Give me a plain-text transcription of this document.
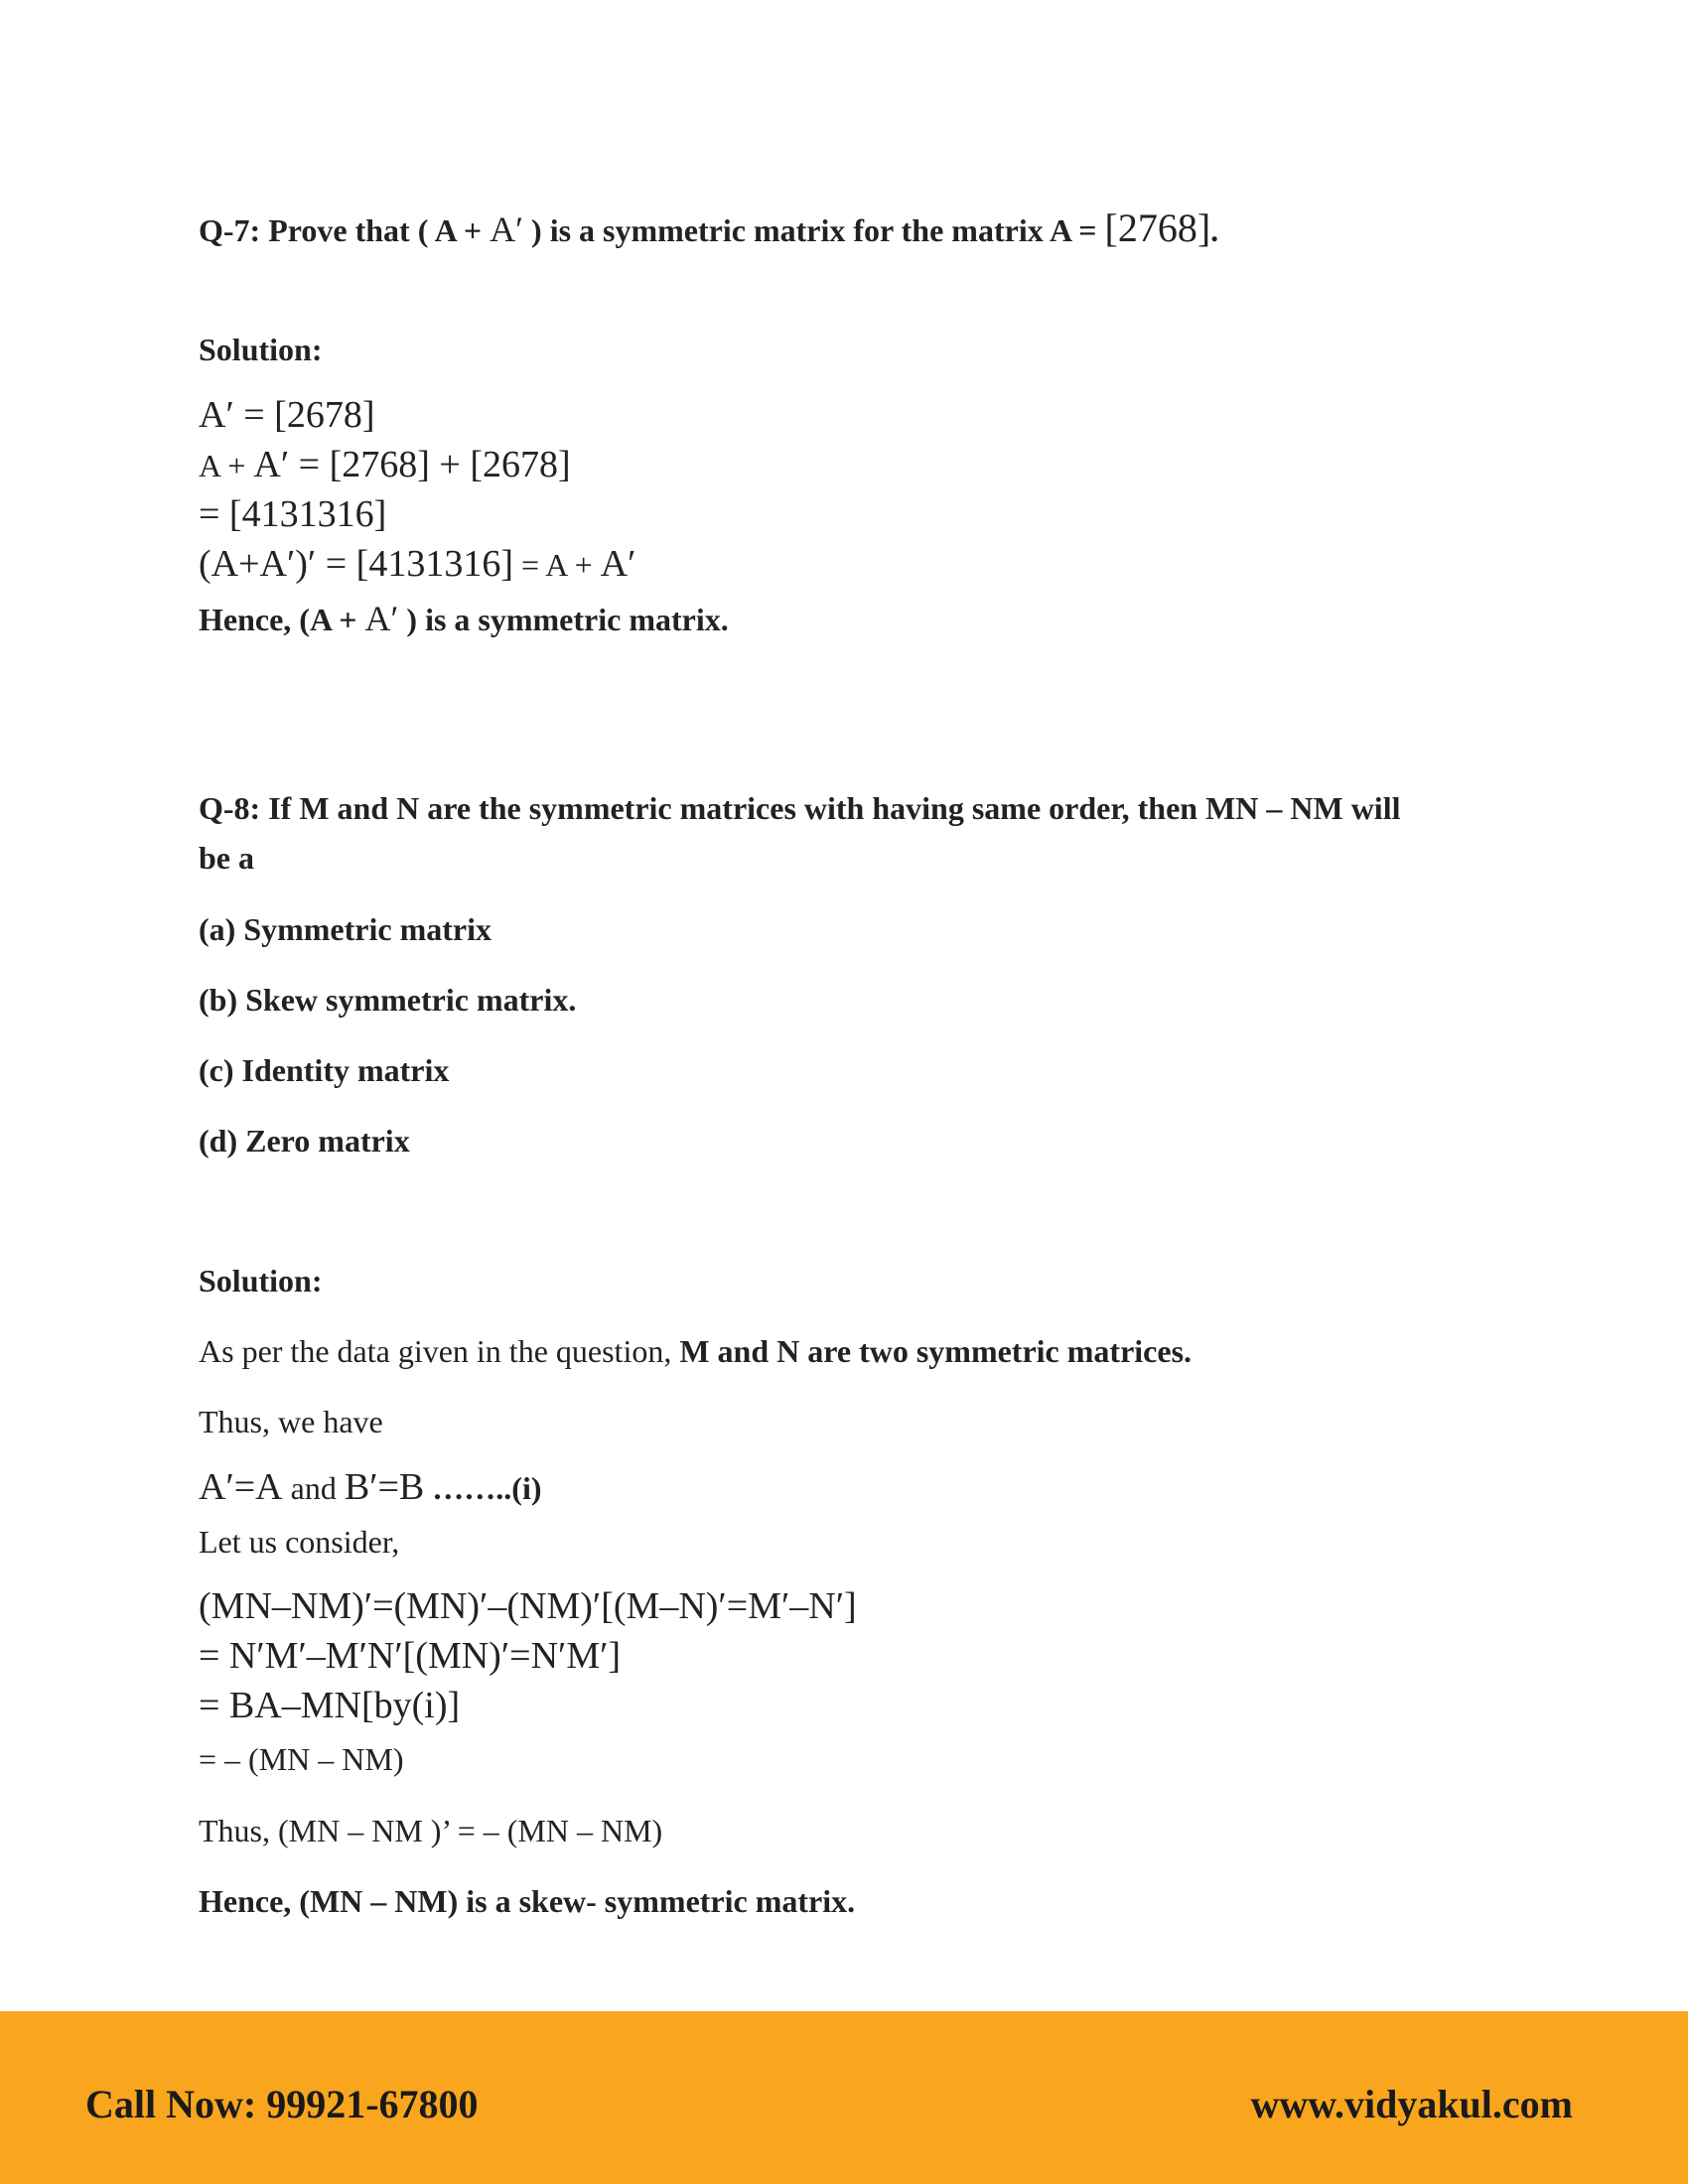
Q-7: Prove that ( A + A′ ) is a symmetric matrix for the matrix A = [2768].
Solution:
A′ = [2678]
A + A′ = [2768] + [2678]
= [4131316]
(A+A′)′ = [4131316] = A + A′
Hence, (A + A′ ) is a symmetric matrix.
Q-8: If M and N are the symmetric matrices with having same order, then MN – NM will
be a
(a) Symmetric matrix
(b) Skew symmetric matrix.
(c) Identity matrix
(d) Zero matrix
Solution:
As per the data given in the question, M and N are two symmetric matrices.
Thus, we have
A′=A and B′=B ……..(i)
Let us consider,
(MN–NM)′=(MN)′–(NM)′[(M–N)′=M′–N′]
= N′M′–M′N′[(MN)′=N′M′]
= BA–MN[by(i)]
= – (MN – NM)
Thus, (MN – NM )’ = – (MN – NM)
Hence, (MN – NM) is a skew- symmetric matrix.
Call Now: 99921-67800	www.vidyakul.com
